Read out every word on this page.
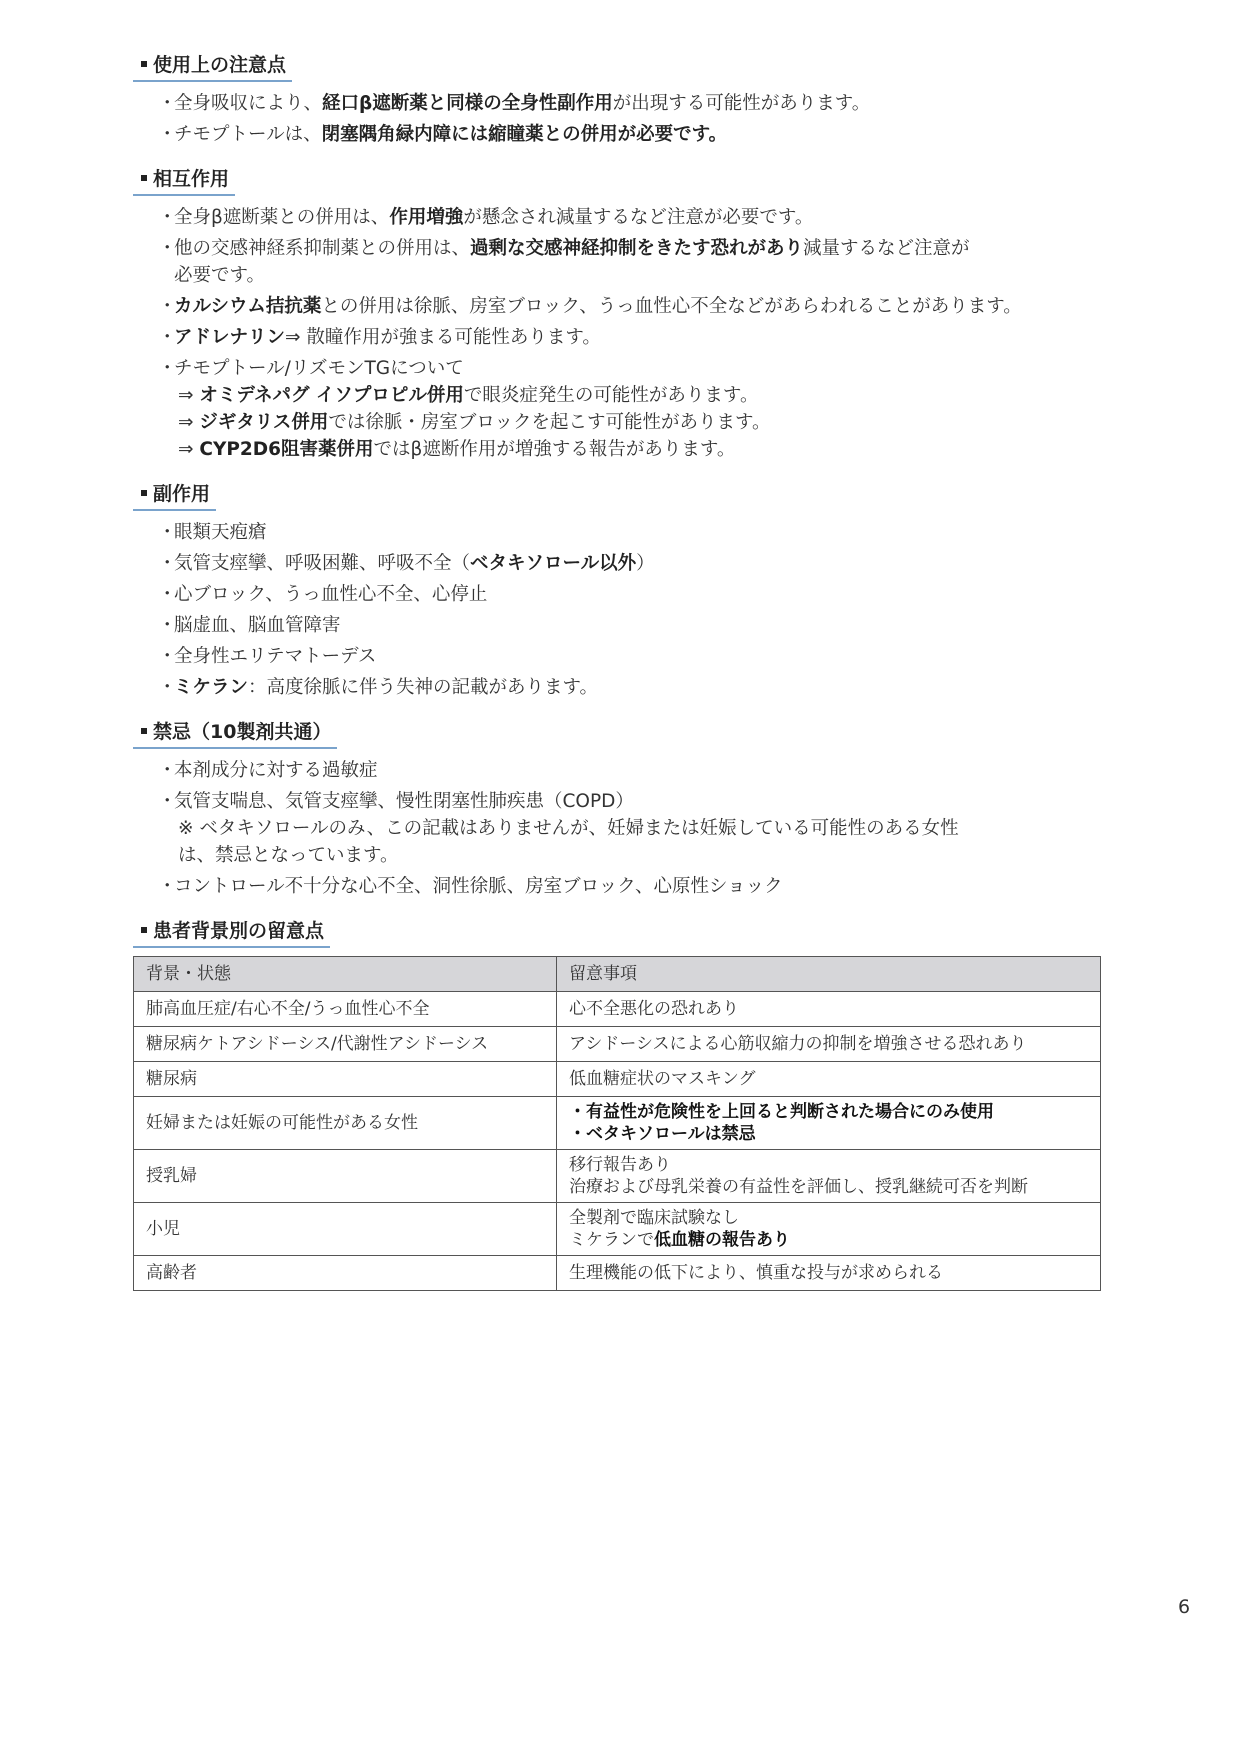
使用上の注意点
・
全身吸収により、経口β遮断薬と同様の全身性副作用が出現する可能性があります。
・
チモプトールは、閉塞隅角緑内障には縮瞳薬との併用が必要です。
相互作用
・
全身β遮断薬との併用は、作用増強が懸念され減量するなど注意が必要です。
・
他の交感神経系抑制薬との併用は、過剰な交感神経抑制をきたす恐れがあり減量するなど注意が
必要です。
・
カルシウム拮抗薬との併用は徐脈、房室ブロック、うっ血性心不全などがあらわれることがあります。
・
アドレナリン⇒ 散瞳作用が強まる可能性あります。
・
チモプトール/リズモンTGについて
⇒ オミデネパグ イソプロピル併用で眼炎症発生の可能性があります。
⇒ ジギタリス併用では徐脈・房室ブロックを起こす可能性があります。
⇒ CYP2D6阻害薬併用ではβ遮断作用が増強する報告があります。
副作用
・
眼類天疱瘡
・
気管支痙攣、呼吸困難、呼吸不全（ベタキソロール以外）
・
心ブロック、うっ血性心不全、心停止
・
脳虚血、脳血管障害
・
全身性エリテマトーデス
・
ミケラン：高度徐脈に伴う失神の記載があります。
禁忌（10製剤共通）
・
本剤成分に対する過敏症
・
気管支喘息、気管支痙攣、慢性閉塞性肺疾患（COPD）
※ ベタキソロールのみ、この記載はありませんが、妊婦または妊娠している可能性のある女性
は、禁忌となっています。
・
コントロール不十分な心不全、洞性徐脈、房室ブロック、心原性ショック
患者背景別の留意点
背景・状態	留意事項
肺高血圧症/右心不全/うっ血性心不全	心不全悪化の恐れあり
糖尿病ケトアシドーシス/代謝性アシドーシス	アシドーシスによる心筋収縮力の抑制を増強させる恐れあり
糖尿病	低血糖症状のマスキング
妊婦または妊娠の可能性がある女性	・有益性が危険性を上回ると判断された場合にのみ使用
・ベタキソロールは禁忌

授乳婦	移行報告あり
治療および母乳栄養の有益性を評価し、授乳継続可否を判断

小児	全製剤で臨床試験なし
ミケランで低血糖の報告あり
高齢者	生理機能の低下により、慎重な投与が求められる
6
